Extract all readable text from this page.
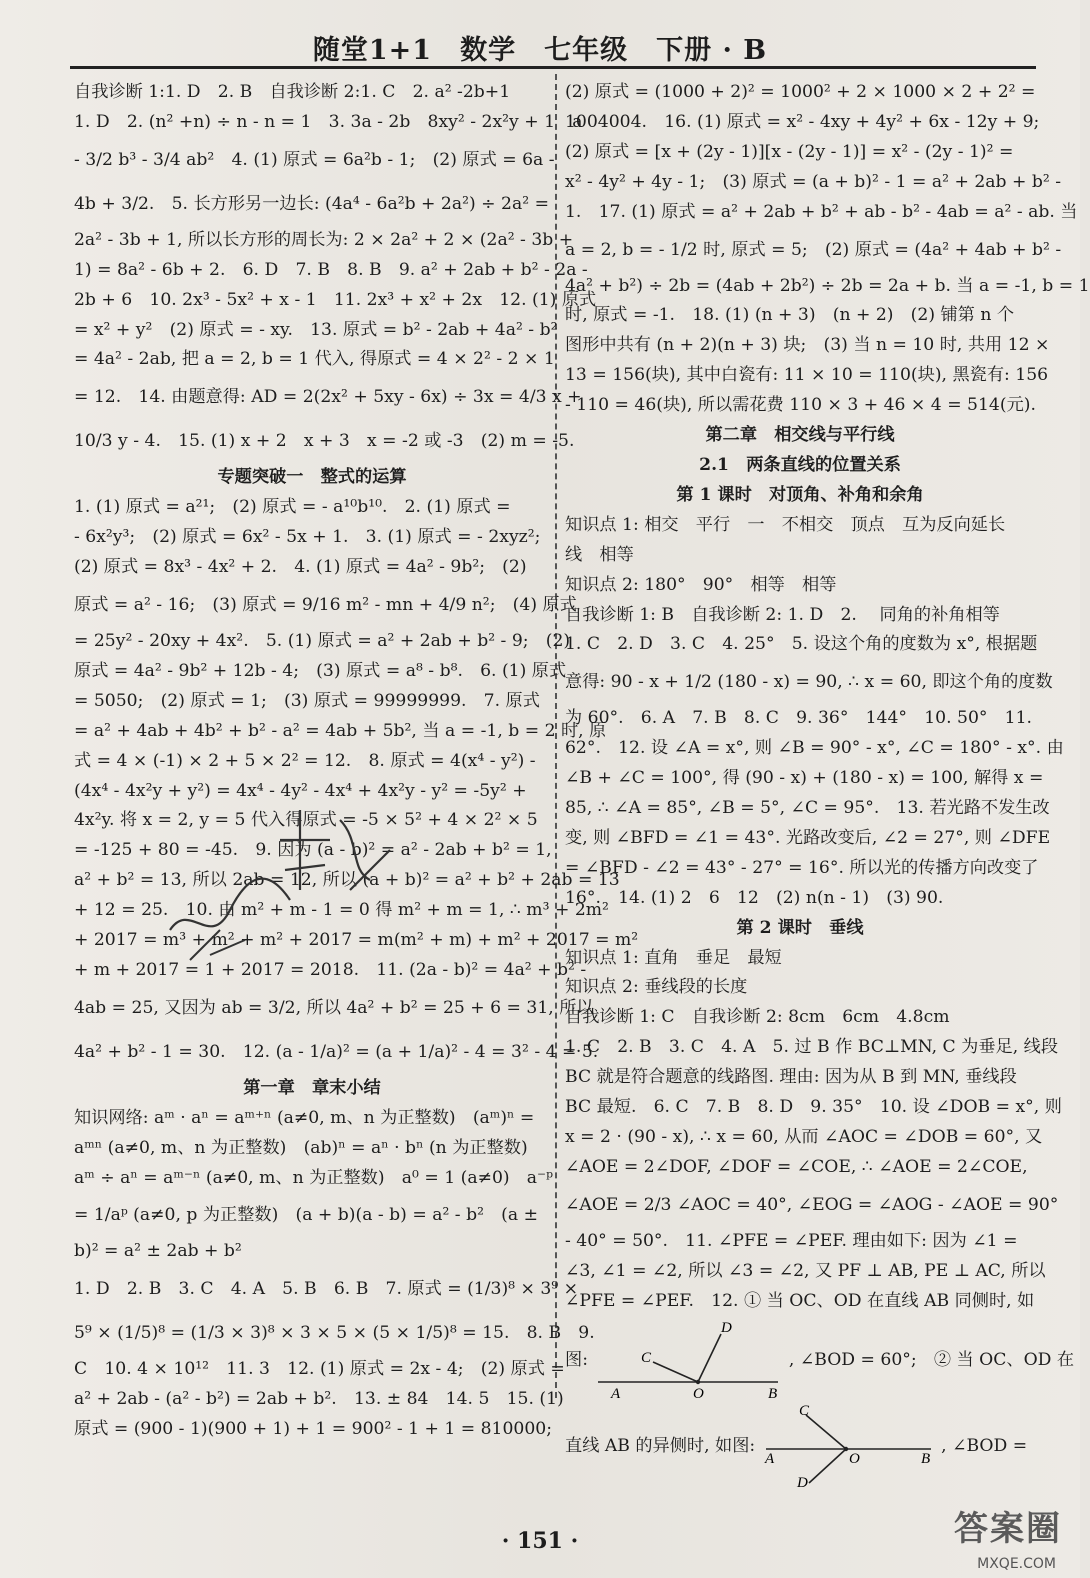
随堂1+1　数学　七年级　下册 · B
自我诊断 1:1. D　2. B　自我诊断 2:1. C　2. a² -2b+1
1. D　2. (n² +n) ÷ n - n = 1　3. 3a - 2b　8xy² - 2x²y + 1　a
- 3/2 b³ - 3/4 ab²　4. (1) 原式 = 6a²b - 1;　(2) 原式 = 6a -
4b + 3/2.　5. 长方形另一边长: (4a⁴ - 6a²b + 2a²) ÷ 2a² =
2a² - 3b + 1, 所以长方形的周长为: 2 × 2a² + 2 × (2a² - 3b +
1) = 8a² - 6b + 2.　6. D　7. B　8. B　9. a² + 2ab + b² - 2a -
2b + 6　10. 2x³ - 5x² + x - 1　11. 2x³ + x² + 2x　12. (1) 原式
= x² + y²　(2) 原式 = - xy.　13. 原式 = b² - 2ab + 4a² - b²
= 4a² - 2ab, 把 a = 2, b = 1 代入, 得原式 = 4 × 2² - 2 × 1
= 12.　14. 由题意得: AD = 2(2x² + 5xy - 6x) ÷ 3x = 4/3 x +
10/3 y - 4.　15. (1) x + 2　x + 3　x = -2 或 -3　(2) m = -5.
专题突破一　整式的运算
1. (1) 原式 = a²¹;　(2) 原式 = - a¹⁰b¹⁰.　2. (1) 原式 =
- 6x²y³;　(2) 原式 = 6x² - 5x + 1.　3. (1) 原式 = - 2xyz²;
(2) 原式 = 8x³ - 4x² + 2.　4. (1) 原式 = 4a² - 9b²;　(2)
原式 = a² - 16;　(3) 原式 = 9/16 m² - mn + 4/9 n²;　(4) 原式
= 25y² - 20xy + 4x².　5. (1) 原式 = a² + 2ab + b² - 9;　(2)
原式 = 4a² - 9b² + 12b - 4;　(3) 原式 = a⁸ - b⁸.　6. (1) 原式
= 5050;　(2) 原式 = 1;　(3) 原式 = 99999999.　7. 原式
= a² + 4ab + 4b² + b² - a² = 4ab + 5b², 当 a = -1, b = 2 时, 原
式 = 4 × (-1) × 2 + 5 × 2² = 12.　8. 原式 = 4(x⁴ - y²) -
(4x⁴ - 4x²y + y²) = 4x⁴ - 4y² - 4x⁴ + 4x²y - y² = -5y² +
4x²y. 将 x = 2, y = 5 代入得原式 = -5 × 5² + 4 × 2² × 5
= -125 + 80 = -45.　9. 因为 (a - b)² = a² - 2ab + b² = 1,
a² + b² = 13, 所以 2ab = 12, 所以 (a + b)² = a² + b² + 2ab = 13
+ 12 = 25.　10. 由 m² + m - 1 = 0 得 m² + m = 1, ∴ m³ + 2m²
+ 2017 = m³ + m² + m² + 2017 = m(m² + m) + m² + 2017 = m²
+ m + 2017 = 1 + 2017 = 2018.　11. (2a - b)² = 4a² + b² -
4ab = 25, 又因为 ab = 3/2, 所以 4a² + b² = 25 + 6 = 31, 所以
4a² + b² - 1 = 30.　12. (a - 1/a)² = (a + 1/a)² - 4 = 3² - 4 = 5.
第一章　章末小结
知识网络: aᵐ · aⁿ = aᵐ⁺ⁿ (a≠0, m、n 为正整数)　(aᵐ)ⁿ =
aᵐⁿ (a≠0, m、n 为正整数)　(ab)ⁿ = aⁿ · bⁿ (n 为正整数)
aᵐ ÷ aⁿ = aᵐ⁻ⁿ (a≠0, m、n 为正整数)　a⁰ = 1 (a≠0)　a⁻ᵖ
= 1/aᵖ (a≠0, p 为正整数)　(a + b)(a - b) = a² - b²　(a ±
b)² = a² ± 2ab + b²
1. D　2. B　3. C　4. A　5. B　6. B　7. 原式 = (1/3)⁸ × 3⁹ ×
5⁹ × (1/5)⁸ = (1/3 × 3)⁸ × 3 × 5 × (5 × 1/5)⁸ = 15.　8. B　9.
C　10. 4 × 10¹²　11. 3　12. (1) 原式 = 2x - 4;　(2) 原式 =
a² + 2ab - (a² - b²) = 2ab + b².　13. ± 84　14. 5　15. (1)
原式 = (900 - 1)(900 + 1) + 1 = 900² - 1 + 1 = 810000;
(2) 原式 = (1000 + 2)² = 1000² + 2 × 1000 × 2 + 2² =
1004004.　16. (1) 原式 = x² - 4xy + 4y² + 6x - 12y + 9;
(2) 原式 = [x + (2y - 1)][x - (2y - 1)] = x² - (2y - 1)² =
x² - 4y² + 4y - 1;　(3) 原式 = (a + b)² - 1 = a² + 2ab + b² -
1.　17. (1) 原式 = a² + 2ab + b² + ab - b² - 4ab = a² - ab. 当
a = 2, b = - 1/2 时, 原式 = 5;　(2) 原式 = (4a² + 4ab + b² -
4a² + b²) ÷ 2b = (4ab + 2b²) ÷ 2b = 2a + b. 当 a = -1, b = 1
时, 原式 = -1.　18. (1) (n + 3)　(n + 2)　(2) 铺第 n 个
图形中共有 (n + 2)(n + 3) 块;　(3) 当 n = 10 时, 共用 12 ×
13 = 156(块), 其中白瓷有: 11 × 10 = 110(块), 黑瓷有: 156
- 110 = 46(块), 所以需花费 110 × 3 + 46 × 4 = 514(元).
第二章　相交线与平行线
2.1　两条直线的位置关系
第 1 课时　对顶角、补角和余角
知识点 1: 相交　平行　一　不相交　顶点　互为反向延长
线　相等
知识点 2: 180°　90°　相等　相等
自我诊断 1: B　自我诊断 2: 1. D　2. 　同角的补角相等
1. C　2. D　3. C　4. 25°　5. 设这个角的度数为 x°, 根据题
意得: 90 - x + 1/2 (180 - x) = 90, ∴ x = 60, 即这个角的度数
为 60°.　6. A　7. B　8. C　9. 36°　144°　10. 50°　11.
62°.　12. 设 ∠A = x°, 则 ∠B = 90° - x°, ∠C = 180° - x°. 由
∠B + ∠C = 100°, 得 (90 - x) + (180 - x) = 100, 解得 x =
85, ∴ ∠A = 85°, ∠B = 5°, ∠C = 95°.　13. 若光路不发生改
变, 则 ∠BFD = ∠1 = 43°. 光路改变后, ∠2 = 27°, 则 ∠DFE
= ∠BFD - ∠2 = 43° - 27° = 16°. 所以光的传播方向改变了
16°.　14. (1) 2　6　12　(2) n(n - 1)　(3) 90.
第 2 课时　垂线
知识点 1: 直角　垂足　最短
知识点 2: 垂线段的长度
自我诊断 1: C　自我诊断 2: 8cm　6cm　4.8cm
1. C　2. B　3. C　4. A　5. 过 B 作 BC⊥MN, C 为垂足, 线段
BC 就是符合题意的线路图. 理由: 因为从 B 到 MN, 垂线段
BC 最短.　6. C　7. B　8. D　9. 35°　10. 设 ∠DOB = x°, 则
x = 2 · (90 - x), ∴ x = 60, 从而 ∠AOC = ∠DOB = 60°, 又
∠AOE = 2∠DOF, ∠DOF = ∠COE, ∴ ∠AOE = 2∠COE,
∠AOE = 2/3 ∠AOC = 40°, ∠EOG = ∠AOG - ∠AOE = 90°
- 40° = 50°.　11. ∠PFE = ∠PEF. 理由如下: 因为 ∠1 =
∠3, ∠1 = ∠2, 所以 ∠3 = ∠2, 又 PF ⊥ AB, PE ⊥ AC, 所以
∠PFE = ∠PEF.　12. ① 当 OC、OD 在直线 AB 同侧时, 如
图:	C
D
A	O	B
, ∠BOD = 60°;　② 当 OC、OD 在
直线 AB 的异侧时, 如图:
C
A	O	B
D
, ∠BOD =
· 151 ·	答案圈
MXQE.COM
